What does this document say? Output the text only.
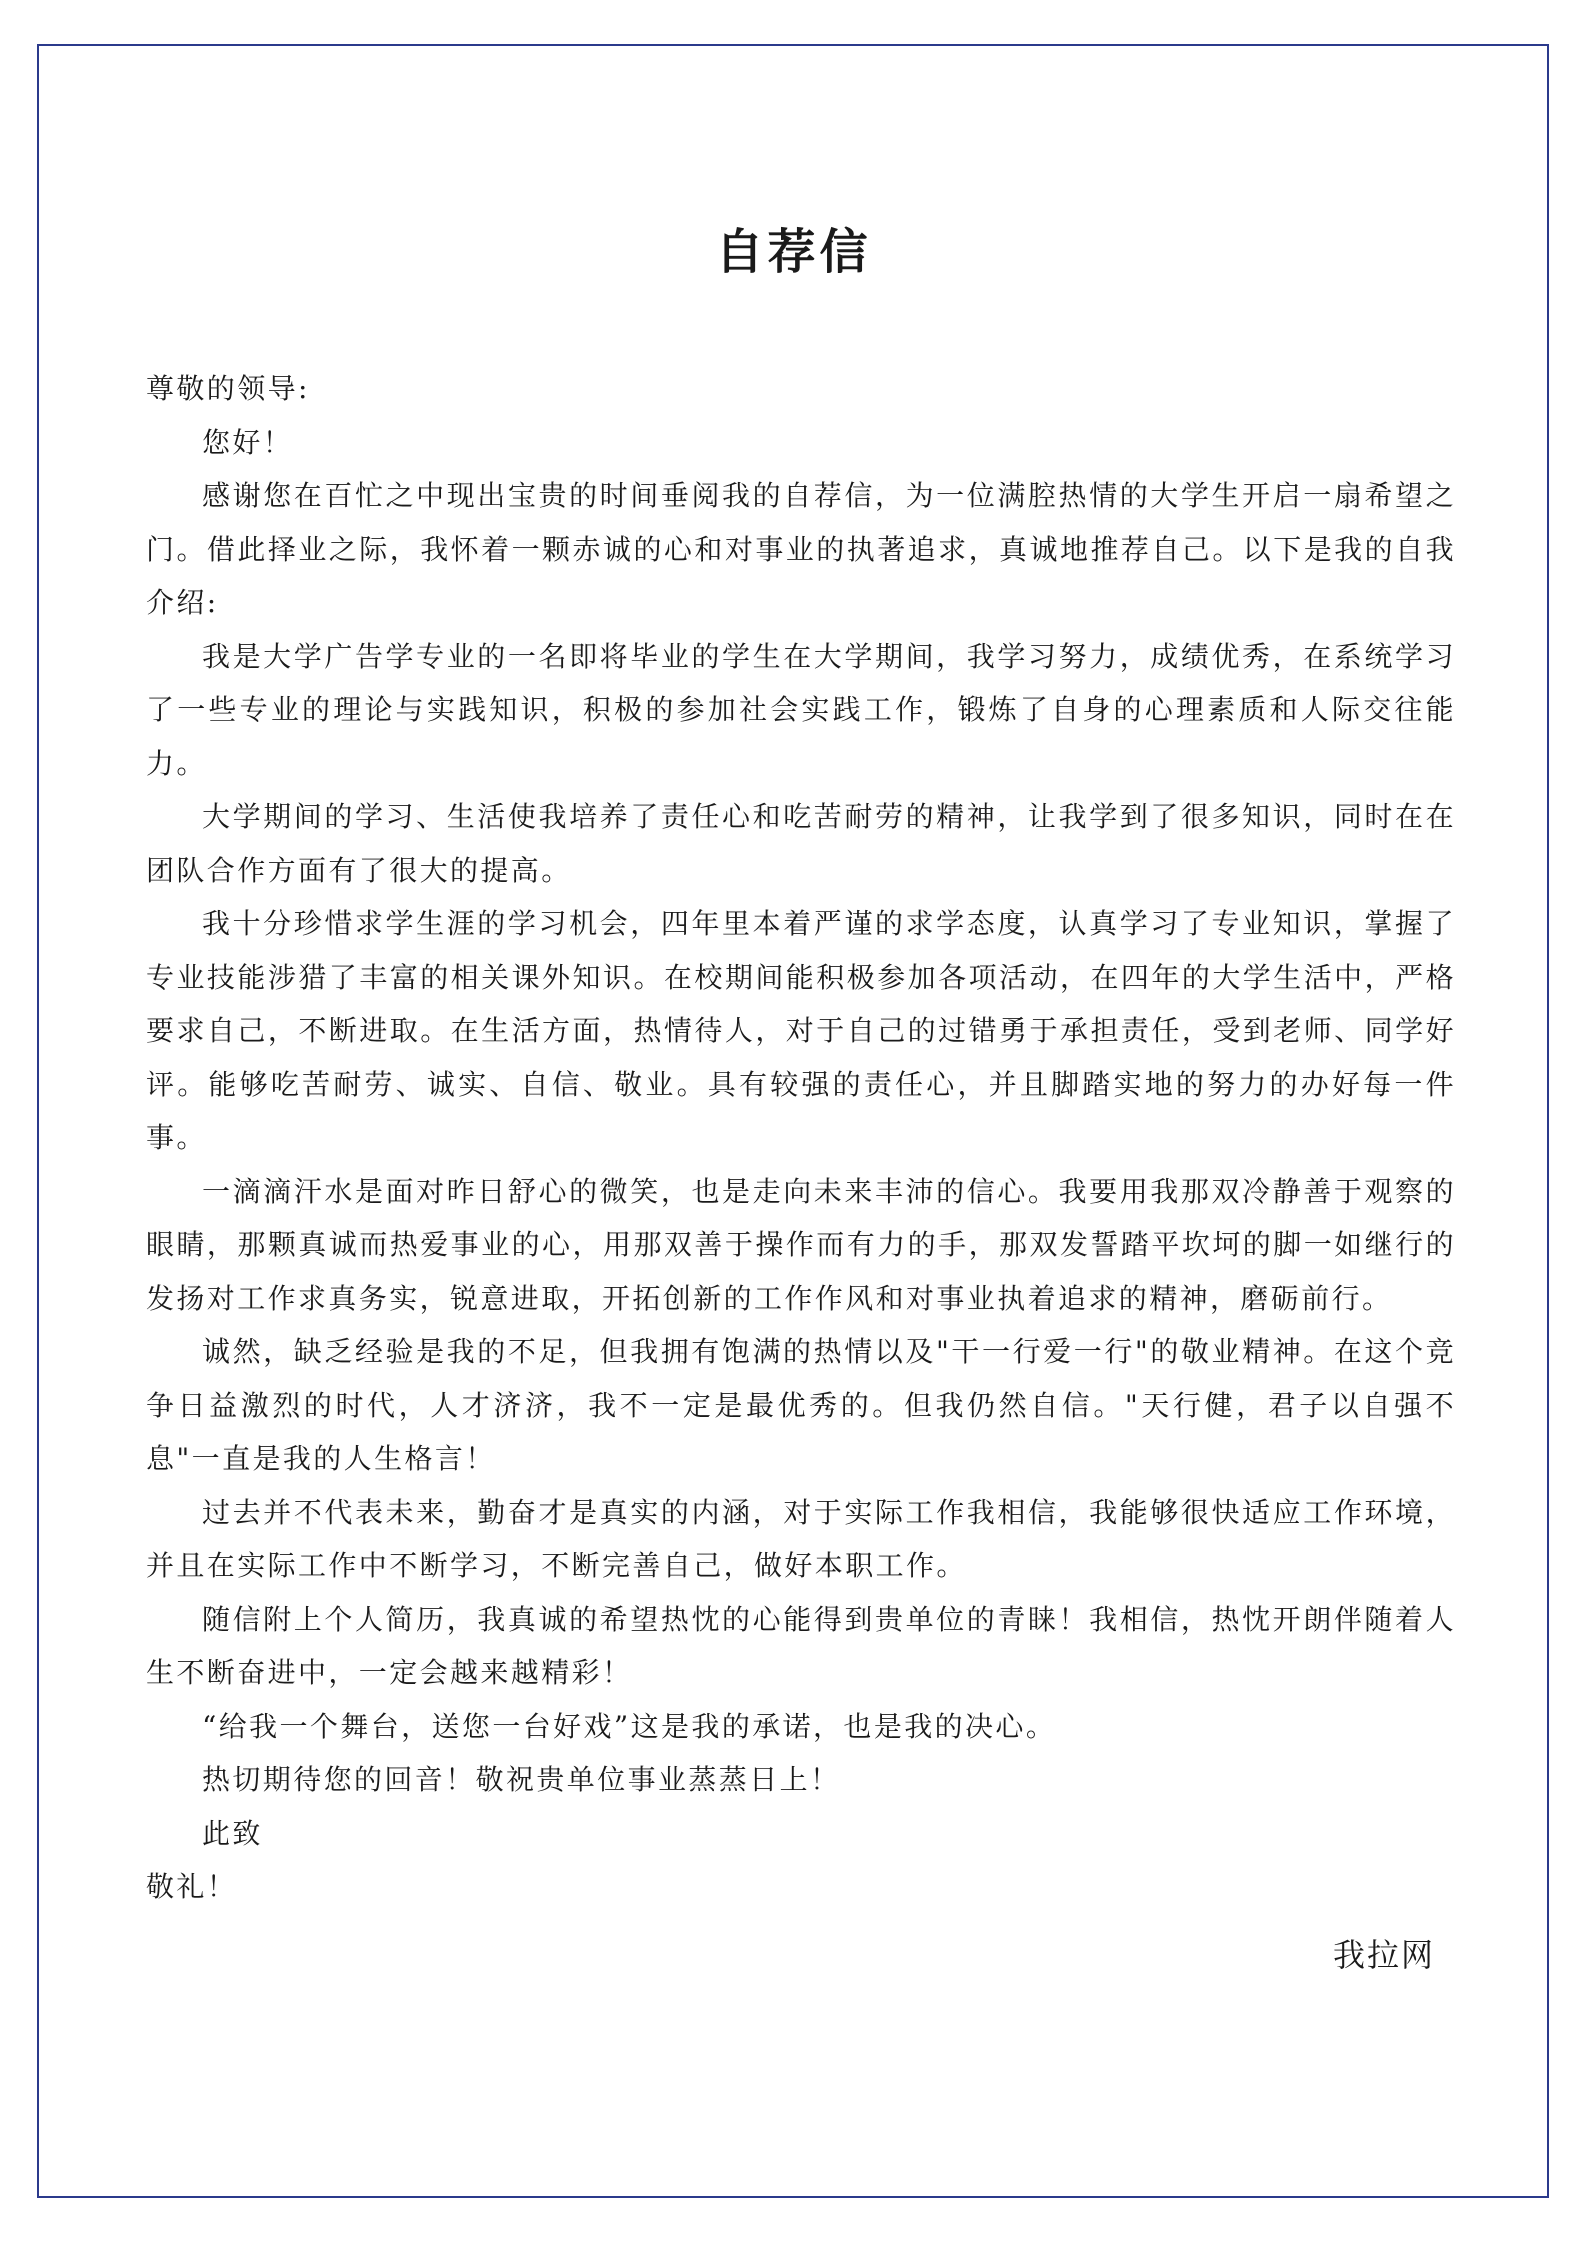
自荐信

尊敬的领导:

您好！

感谢您在百忙之中现出宝贵的时间垂阅我的自荐信，为一位满腔热情的大学生开启一扇希望之门。借此择业之际，我怀着一颗赤诚的心和对事业的执著追求，真诚地推荐自己。以下是我的自我介绍:

我是大学广告学专业的一名即将毕业的学生在大学期间，我学习努力，成绩优秀，在系统学习了一些专业的理论与实践知识，积极的参加社会实践工作，锻炼了自身的心理素质和人际交往能力。

大学期间的学习、生活使我培养了责任心和吃苦耐劳的精神，让我学到了很多知识，同时在在团队合作方面有了很大的提高。

我十分珍惜求学生涯的学习机会，四年里本着严谨的求学态度，认真学习了专业知识，掌握了专业技能涉猎了丰富的相关课外知识。在校期间能积极参加各项活动，在四年的大学生活中，严格要求自己，不断进取。在生活方面，热情待人，对于自己的过错勇于承担责任，受到老师、同学好评。能够吃苦耐劳、诚实、自信、敬业。具有较强的责任心，并且脚踏实地的努力的办好每一件事。

一滴滴汗水是面对昨日舒心的微笑，也是走向未来丰沛的信心。我要用我那双冷静善于观察的眼睛，那颗真诚而热爱事业的心，用那双善于操作而有力的手，那双发誓踏平坎坷的脚一如继行的发扬对工作求真务实，锐意进取，开拓创新的工作作风和对事业执着追求的精神，磨砺前行。

诚然，缺乏经验是我的不足，但我拥有饱满的热情以及"干一行爱一行"的敬业精神。在这个竞争日益激烈的时代，人才济济，我不一定是最优秀的。但我仍然自信。"天行健，君子以自强不息"一直是我的人生格言！

过去并不代表未来，勤奋才是真实的内涵，对于实际工作我相信，我能够很快适应工作环境，并且在实际工作中不断学习，不断完善自己，做好本职工作。

随信附上个人简历，我真诚的希望热忱的心能得到贵单位的青睐！我相信，热忱开朗伴随着人生不断奋进中，一定会越来越精彩！

“给我一个舞台，送您一台好戏”这是我的承诺，也是我的决心。

热切期待您的回音！敬祝贵单位事业蒸蒸日上！

此致

敬礼！

我拉网
